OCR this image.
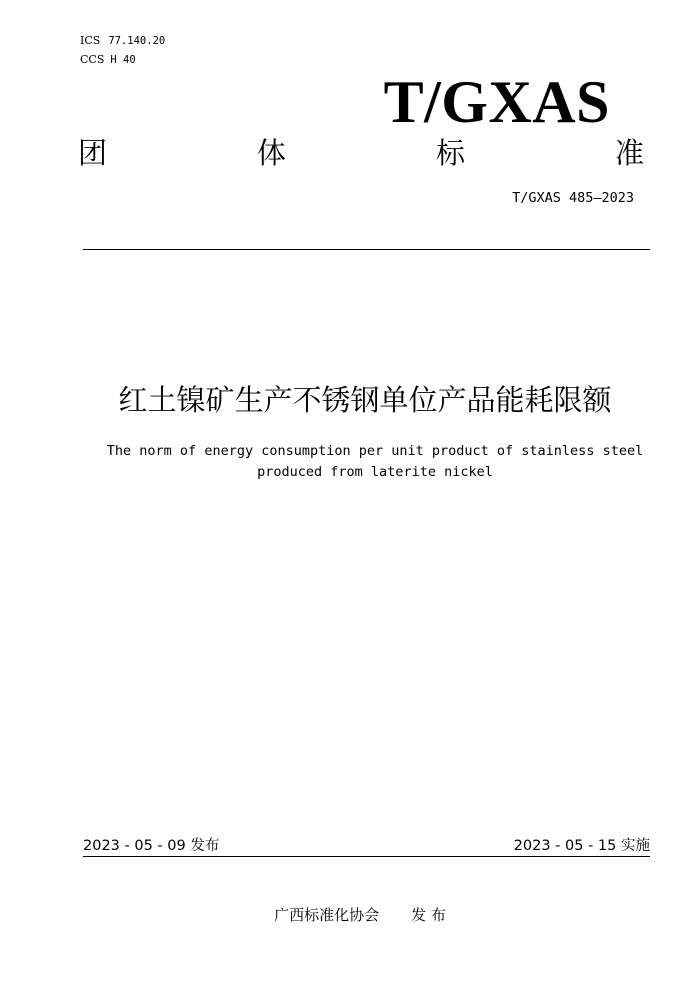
ICS 77.140.20
CCS H 40
T/GXAS
团	体	标	准
T/GXAS 485—2023
红土镍矿生产不锈钢单位产品能耗限额
The norm of energy consumption per unit product of stainless steel
produced from laterite nickel
2023 - 05 - 09 发布	2023 - 05 - 15 实施
广西标准化协会 发 布
